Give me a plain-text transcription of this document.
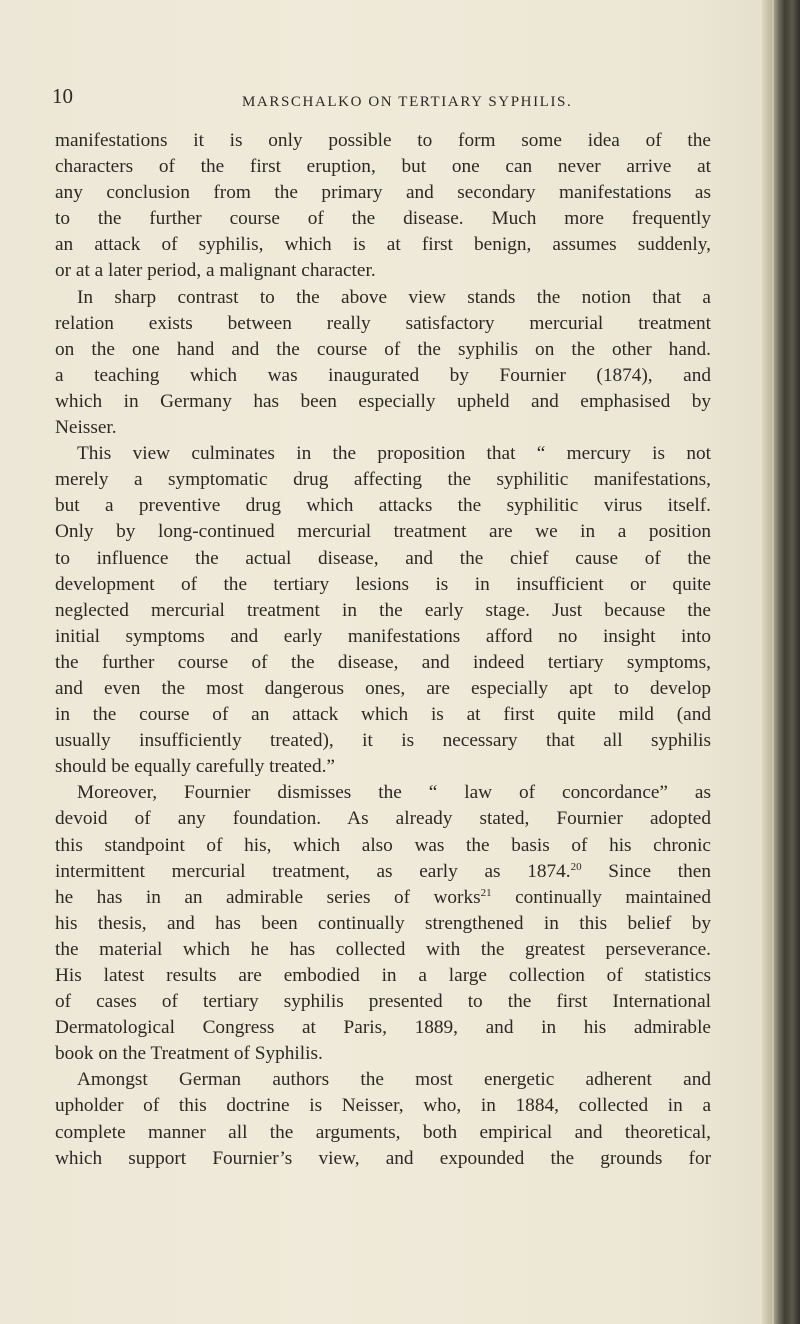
10	MARSCHALKO ON TERTIARY SYPHILIS.
manifestations it is only possible to form some idea of the
characters of the first eruption, but one can never arrive at
any conclusion from the primary and secondary manifestations as
to the further course of the disease. Much more frequently
an attack of syphilis, which is at first benign, assumes suddenly,
or at a later period, a malignant character.
In sharp contrast to the above view stands the notion that a
relation exists between really satisfactory mercurial treatment
on the one hand and the course of the syphilis on the other hand.
a teaching which was inaugurated by Fournier (1874), and
which in Germany has been especially upheld and emphasised by
Neisser.
This view culminates in the proposition that “ mercury is not
merely a symptomatic drug affecting the syphilitic manifestations,
but a preventive drug which attacks the syphilitic virus itself.
Only by long-continued mercurial treatment are we in a position
to influence the actual disease, and the chief cause of the
development of the tertiary lesions is in insufficient or quite
neglected mercurial treatment in the early stage. Just because the
initial symptoms and early manifestations afford no insight into
the further course of the disease, and indeed tertiary symptoms,
and even the most dangerous ones, are especially apt to develop
in the course of an attack which is at first quite mild (and
usually insufficiently treated), it is necessary that all syphilis
should be equally carefully treated.”
Moreover, Fournier dismisses the “ law of concordance” as
devoid of any foundation. As already stated, Fournier adopted
this standpoint of his, which also was the basis of his chronic
intermittent mercurial treatment, as early as 1874.20 Since then
he has in an admirable series of works$^{21}$ continually maintained
his thesis, and has been continually strengthened in this belief by
the material which he has collected with the greatest perseverance.
His latest results are embodied in a large collection of statistics
of cases of tertiary syphilis presented to the first International
Dermatological Congress at Paris, 1889, and in his admirable
book on the Treatment of Syphilis.
Amongst German authors the most energetic adherent and
upholder of this doctrine is Neisser, who, in 1884, collected in a
complete manner all the arguments, both empirical and theoretical,
which support Fournier’s view, and expounded the grounds for
